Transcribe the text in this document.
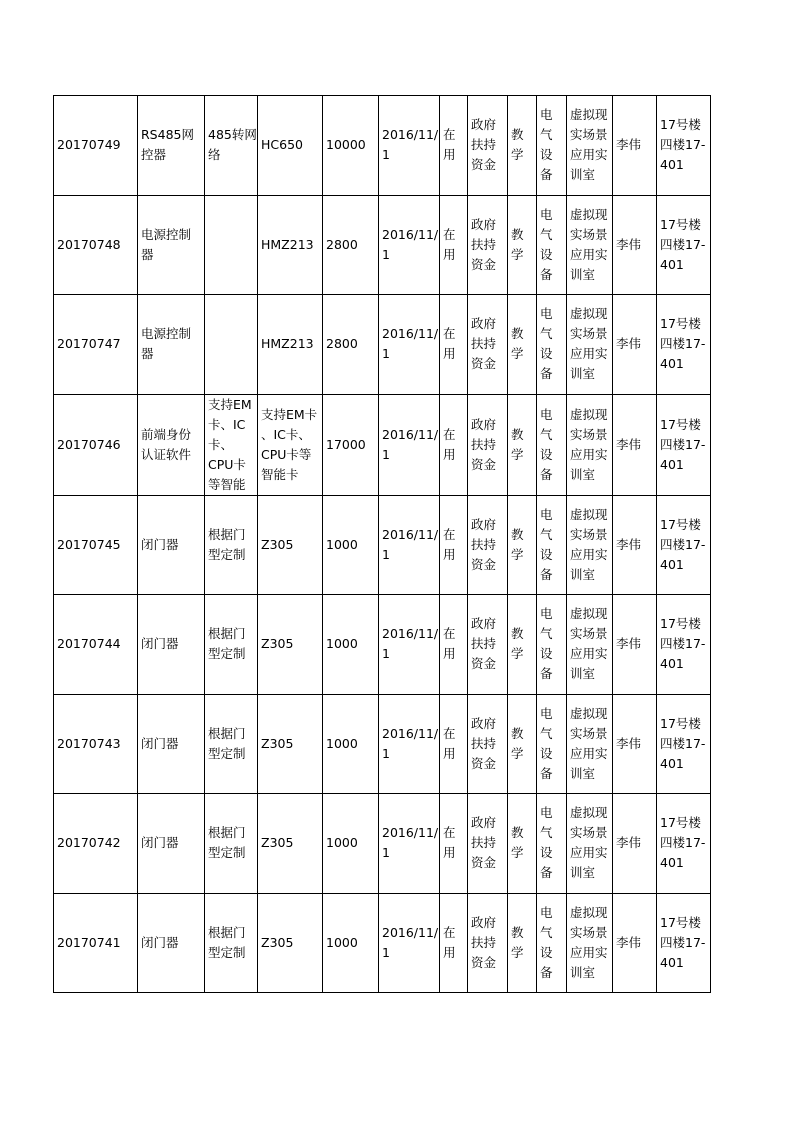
20170749	RS485网
控器	485转网
络	HC650	10000	2016/11/
1	在
用	政府
扶持
资金	教
学	电
气
设
备	虚拟现
实场景
应用实
训室	李伟	17号楼
四楼17-
401
20170748	电源控制
器		HMZ213	2800	2016/11/
1	在
用	政府
扶持
资金	教
学	电
气
设
备	虚拟现
实场景
应用实
训室	李伟	17号楼
四楼17-
401
20170747	电源控制
器		HMZ213	2800	2016/11/
1	在
用	政府
扶持
资金	教
学	电
气
设
备	虚拟现
实场景
应用实
训室	李伟	17号楼
四楼17-
401
20170746	前端身份
认证软件	支持EM
卡、IC
卡、
CPU卡
等智能	支持EM卡
、IC卡、
CPU卡等
智能卡	17000	2016/11/
1	在
用	政府
扶持
资金	教
学	电
气
设
备	虚拟现
实场景
应用实
训室	李伟	17号楼
四楼17-
401
20170745	闭门器	根据门
型定制	Z305	1000	2016/11/
1	在
用	政府
扶持
资金	教
学	电
气
设
备	虚拟现
实场景
应用实
训室	李伟	17号楼
四楼17-
401
20170744	闭门器	根据门
型定制	Z305	1000	2016/11/
1	在
用	政府
扶持
资金	教
学	电
气
设
备	虚拟现
实场景
应用实
训室	李伟	17号楼
四楼17-
401
20170743	闭门器	根据门
型定制	Z305	1000	2016/11/
1	在
用	政府
扶持
资金	教
学	电
气
设
备	虚拟现
实场景
应用实
训室	李伟	17号楼
四楼17-
401
20170742	闭门器	根据门
型定制	Z305	1000	2016/11/
1	在
用	政府
扶持
资金	教
学	电
气
设
备	虚拟现
实场景
应用实
训室	李伟	17号楼
四楼17-
401
20170741	闭门器	根据门
型定制	Z305	1000	2016/11/
1	在
用	政府
扶持
资金	教
学	电
气
设
备	虚拟现
实场景
应用实
训室	李伟	17号楼
四楼17-
401
